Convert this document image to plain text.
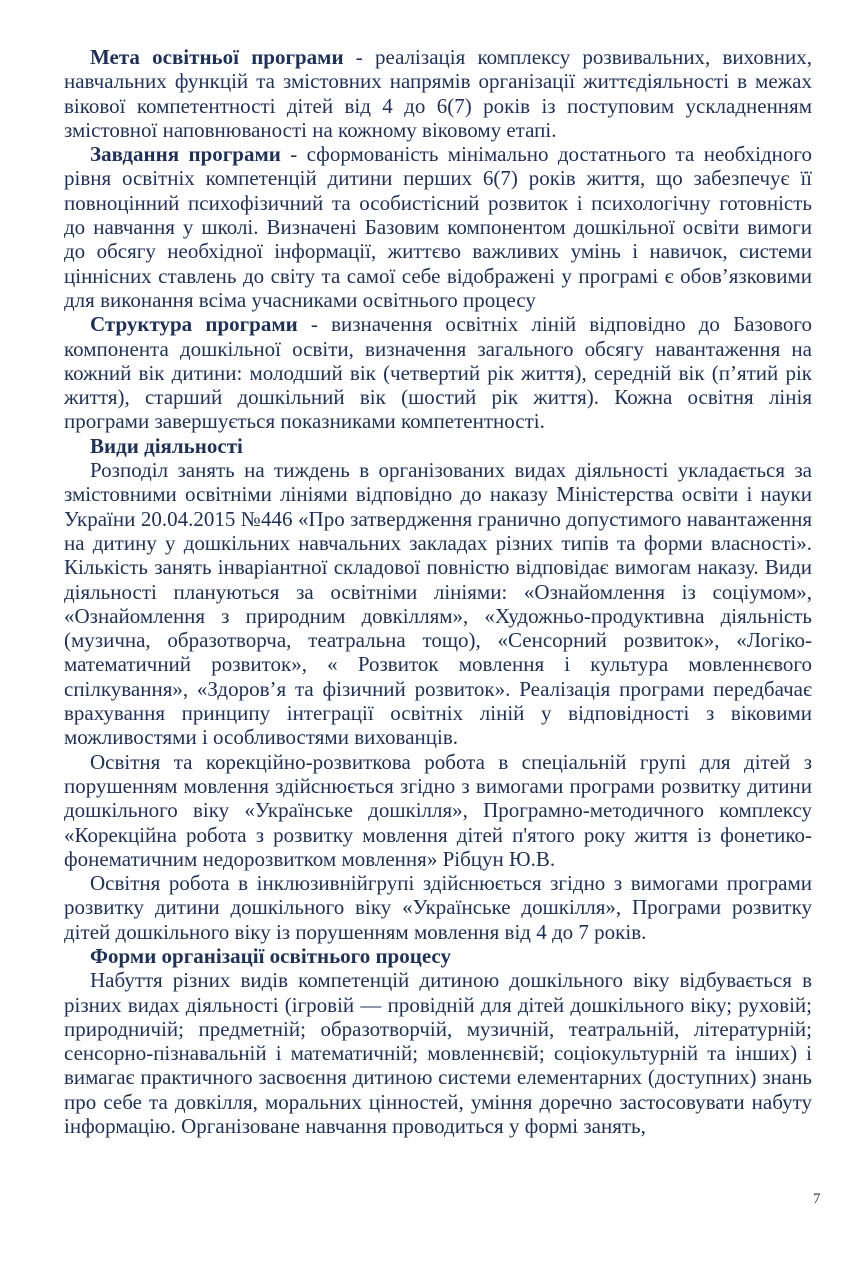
Мета освітньої програми - реалізація комплексу розвивальних, виховних, навчальних функцій та змістовних напрямів організації життєдіяльності в межах вікової компетентності дітей від 4 до 6(7) років із поступовим ускладненням змістовної наповнюваності на кожному віковому етапі.

Завдання програми - сформованість мінімально достатнього та необхідного рівня освітніх компетенцій дитини перших 6(7) років життя, що забезпечує її повноцінний психофізичний та особистісний розвиток і психологічну готовність до навчання у школі. Визначені Базовим компонентом дошкільної освіти вимоги до обсягу необхідної інформації, життєво важливих умінь і навичок, системи ціннісних ставлень до світу та самої себе відображені у програмі є обов’язковими для виконання всіма учасниками освітнього процесу

Структура програми - визначення освітніх ліній відповідно до Базового компонента дошкільної освіти, визначення загального обсягу навантаження на кожний вік дитини: молодший вік (четвертий рік життя), середній вік (п’ятий рік життя), старший дошкільний вік (шостий рік життя). Кожна освітня лінія програми завершується показниками компетентності.

Види діяльності

Розподіл занять на тиждень в організованих видах діяльності укладається за змістовними освітніми лініями відповідно до наказу Міністерства освіти і науки України 20.04.2015 №446 «Про затвердження гранично допустимого навантаження на дитину у дошкільних навчальних закладах різних типів та форми власності». Кількість занять інваріантної складової повністю відповідає вимогам наказу. Види діяльності плануються за освітніми лініями: «Ознайомлення із соціумом», «Ознайомлення з природним довкіллям», «Художньо-продуктивна діяльність (музична, образотворча, театральна тощо), «Сенсорний розвиток», «Логіко-математичний розвиток», « Розвиток мовлення і культура мовленнєвого спілкування», «Здоров’я та фізичний розвиток». Реалізація програми передбачає врахування принципу інтеграції освітніх ліній у відповідності з віковими можливостями і особливостями вихованців.

Освітня та корекційно-розвиткова робота в спеціальній групі для дітей з порушенням мовлення здійснюється згідно з вимогами програми розвитку дитини дошкільного віку «Українське дошкілля», Програмно-методичного комплексу «Корекційна робота з розвитку мовлення дітей п'ятого року життя із фонетико-фонематичним недорозвитком мовлення» Рібцун Ю.В.

Освітня робота в інклюзивнійгрупі здійснюється згідно з вимогами програми розвитку дитини дошкільного віку «Українське дошкілля», Програми розвитку дітей дошкільного віку із порушенням мовлення від 4 до 7 років.

Форми організації освітнього процесу

Набуття різних видів компетенцій дитиною дошкільного віку відбувається в різних видах діяльності (ігровій — провідній для дітей дошкільного віку; руховій; природничій; предметній; образотворчій, музичній, театральній, літературній; сенсорно-пізнавальній і математичній; мовленнєвій; соціокультурній та інших) і вимагає практичного засвоєння дитиною системи елементарних (доступних) знань про себе та довкілля, моральних цінностей, уміння доречно застосовувати набуту інформацію. Організоване навчання проводиться у формі занять,

7
